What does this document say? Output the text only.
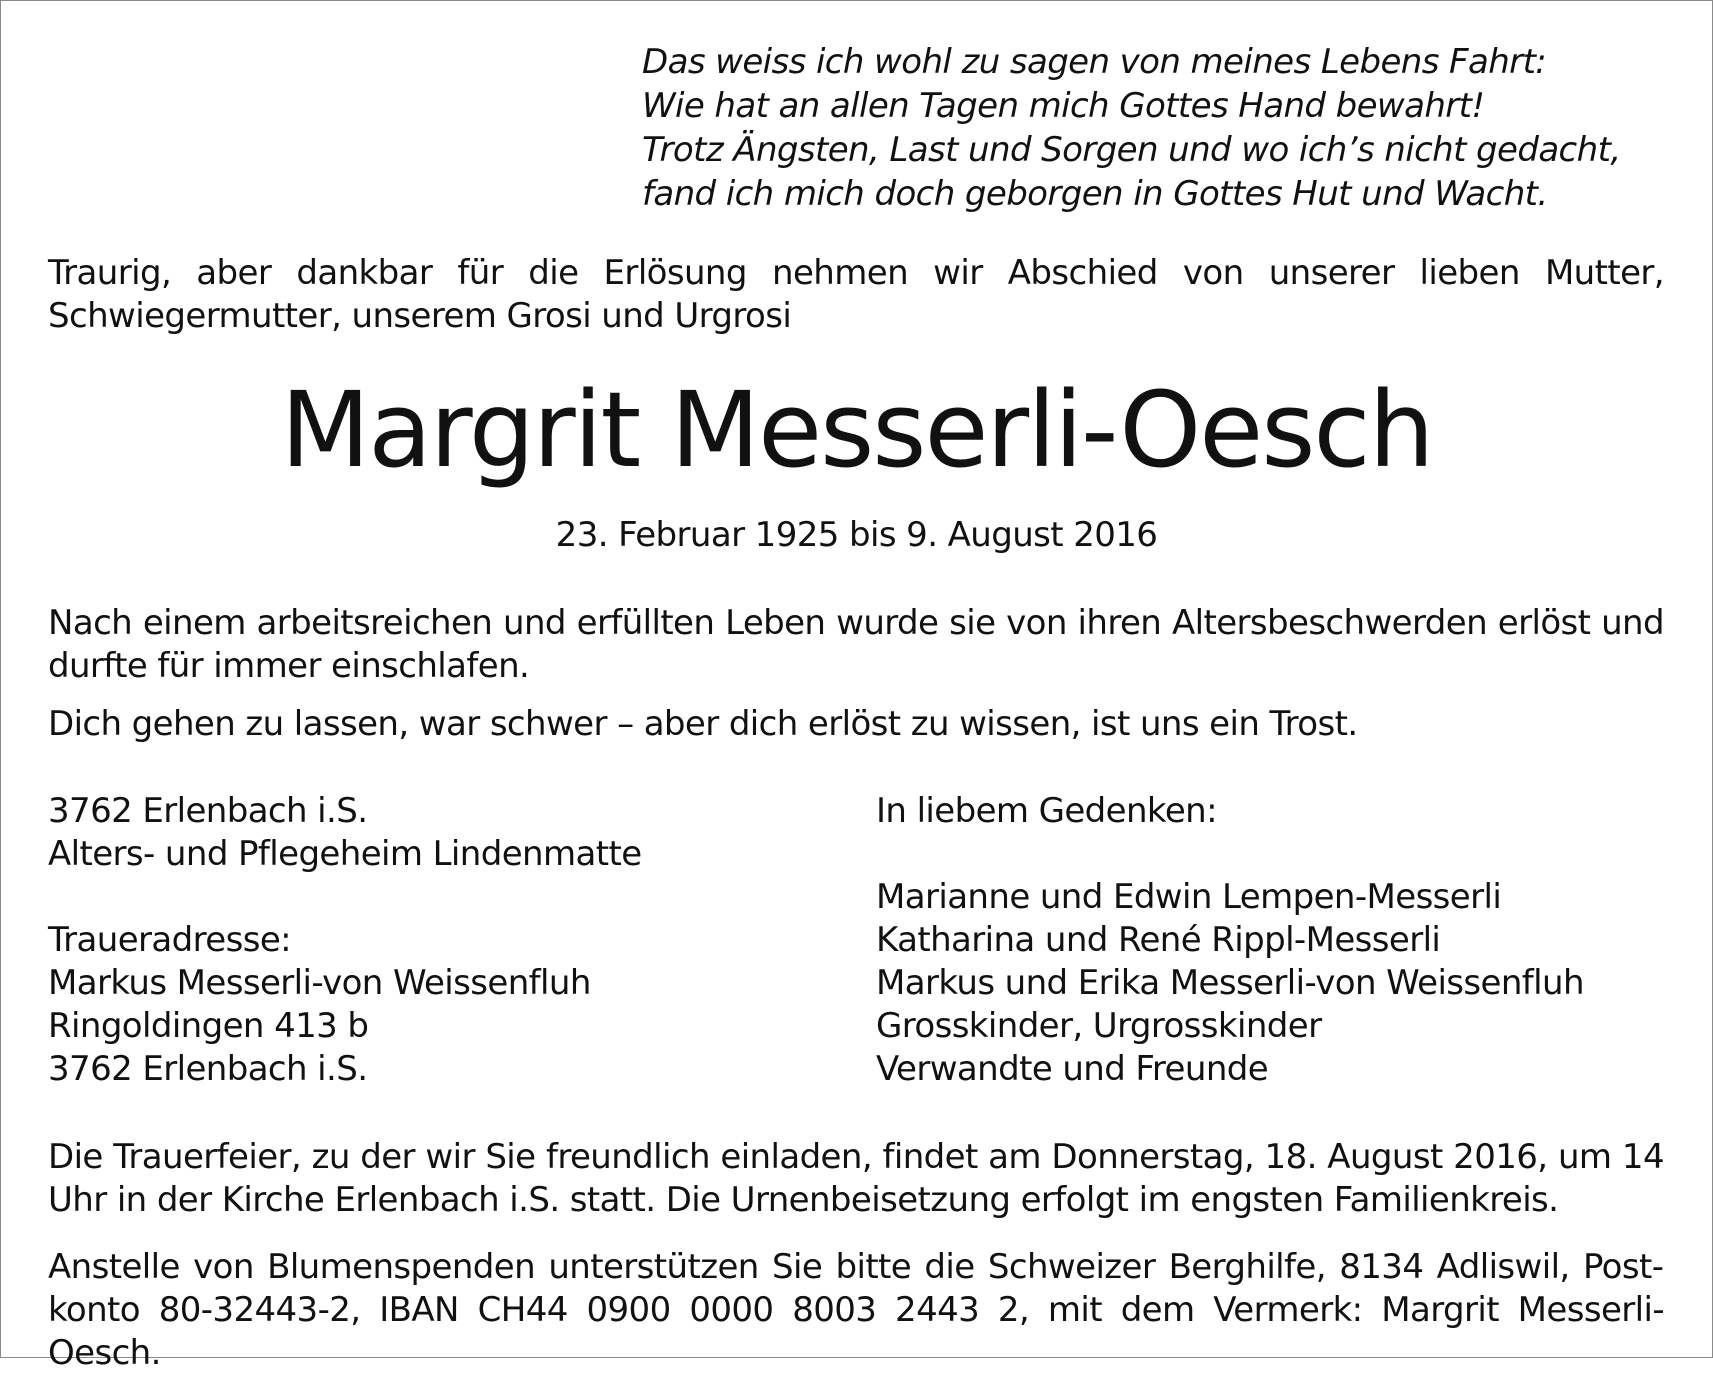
Das weiss ich wohl zu sagen von meines Lebens Fahrt:
Wie hat an allen Tagen mich Gottes Hand bewahrt!
Trotz Ängsten, Last und Sorgen und wo ich’s nicht gedacht,
fand ich mich doch geborgen in Gottes Hut und Wacht.
Traurig, aber dankbar für die Erlösung nehmen wir Abschied von unserer lieben Mutter, Schwiegermutter, unserem Grosi und Urgrosi
Margrit Messerli-Oesch
23. Februar 1925 bis 9. August 2016
Nach einem arbeitsreichen und erfüllten Leben wurde sie von ihren Altersbeschwerden erlöst und durfte für immer einschlafen.
Dich gehen zu lassen, war schwer – aber dich erlöst zu wissen, ist uns ein Trost.
3762 Erlenbach i.S.
Alters- und Pflegeheim Lindenmatte
Traueradresse:
Markus Messerli-von Weissenfluh
Ringoldingen 413 b
3762 Erlenbach i.S.
In liebem Gedenken:
Marianne und Edwin Lempen-Messerli
Katharina und René Rippl-Messerli
Markus und Erika Messerli-von Weissenfluh
Grosskinder, Urgrosskinder
Verwandte und Freunde
Die Trauerfeier, zu der wir Sie freundlich einladen, findet am Donnerstag, 18. August 2016, um 14 Uhr in der Kirche Erlenbach i.S. statt. Die Urnenbeisetzung erfolgt im engsten Familienkreis.
Anstelle von Blumenspenden unterstützen Sie bitte die Schweizer Berghilfe, 8134 Adliswil, Postkonto 80-32443-2, IBAN CH44 0900 0000 8003 2443 2, mit dem Vermerk: Margrit Messerli-Oesch.
